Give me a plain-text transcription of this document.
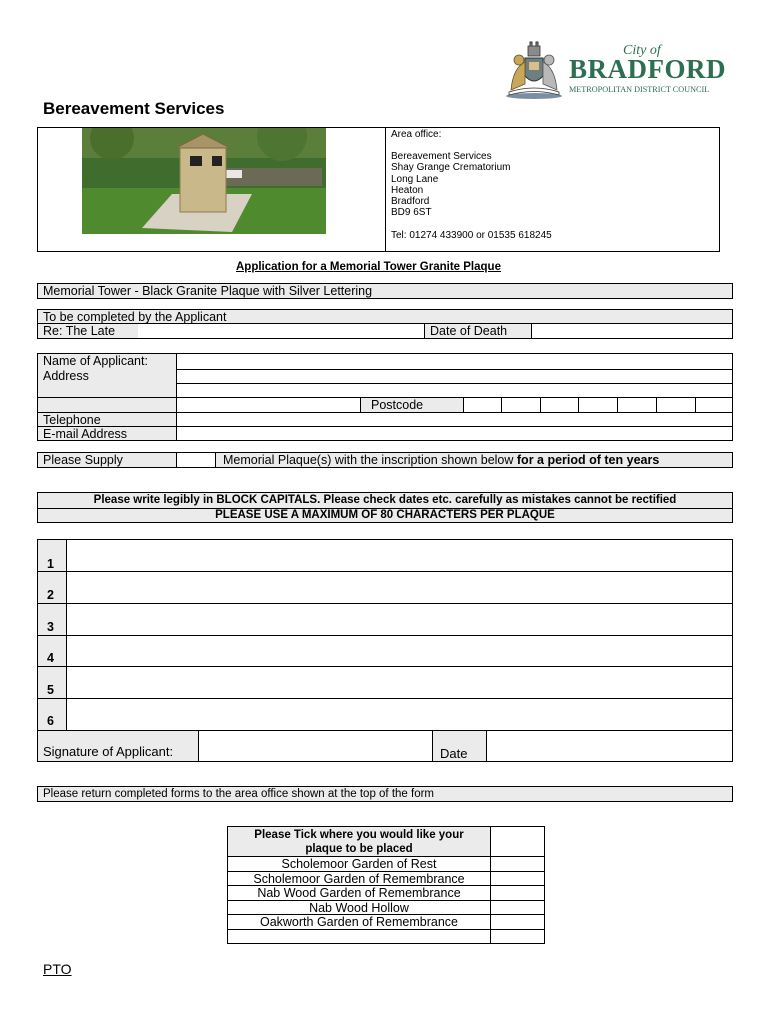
City of
BRADFORD
METROPOLITAN DISTRICT COUNCIL
Bereavement Services
Area office:
Bereavement Services
Shay Grange Crematorium
Long Lane
Heaton
Bradford
BD9 6ST
Tel: 01274 433900 or 01535 618245
Application for a Memorial Tower Granite Plaque
Memorial Tower - Black Granite Plaque with Silver Lettering
To be completed by the Applicant
Re: The Late	Date of Death
Name of Applicant:
Address
Postcode
Telephone
E-mail Address
Please Supply	Memorial Plaque(s) with the inscription shown below for a period of ten years
Please write legibly in BLOCK CAPITALS. Please check dates etc. carefully as mistakes cannot be rectified
PLEASE USE A MAXIMUM OF 80 CHARACTERS PER PLAQUE
1
2
3
4
5
6
Signature of Applicant:	Date
Please return completed forms to the area office shown at the top of the form
Please Tick where you would like your
plaque to be placed
Scholemoor Garden of Rest
Scholemoor Garden of Remembrance
Nab Wood Garden of Remembrance
Nab Wood Hollow
Oakworth Garden of Remembrance
PTO
